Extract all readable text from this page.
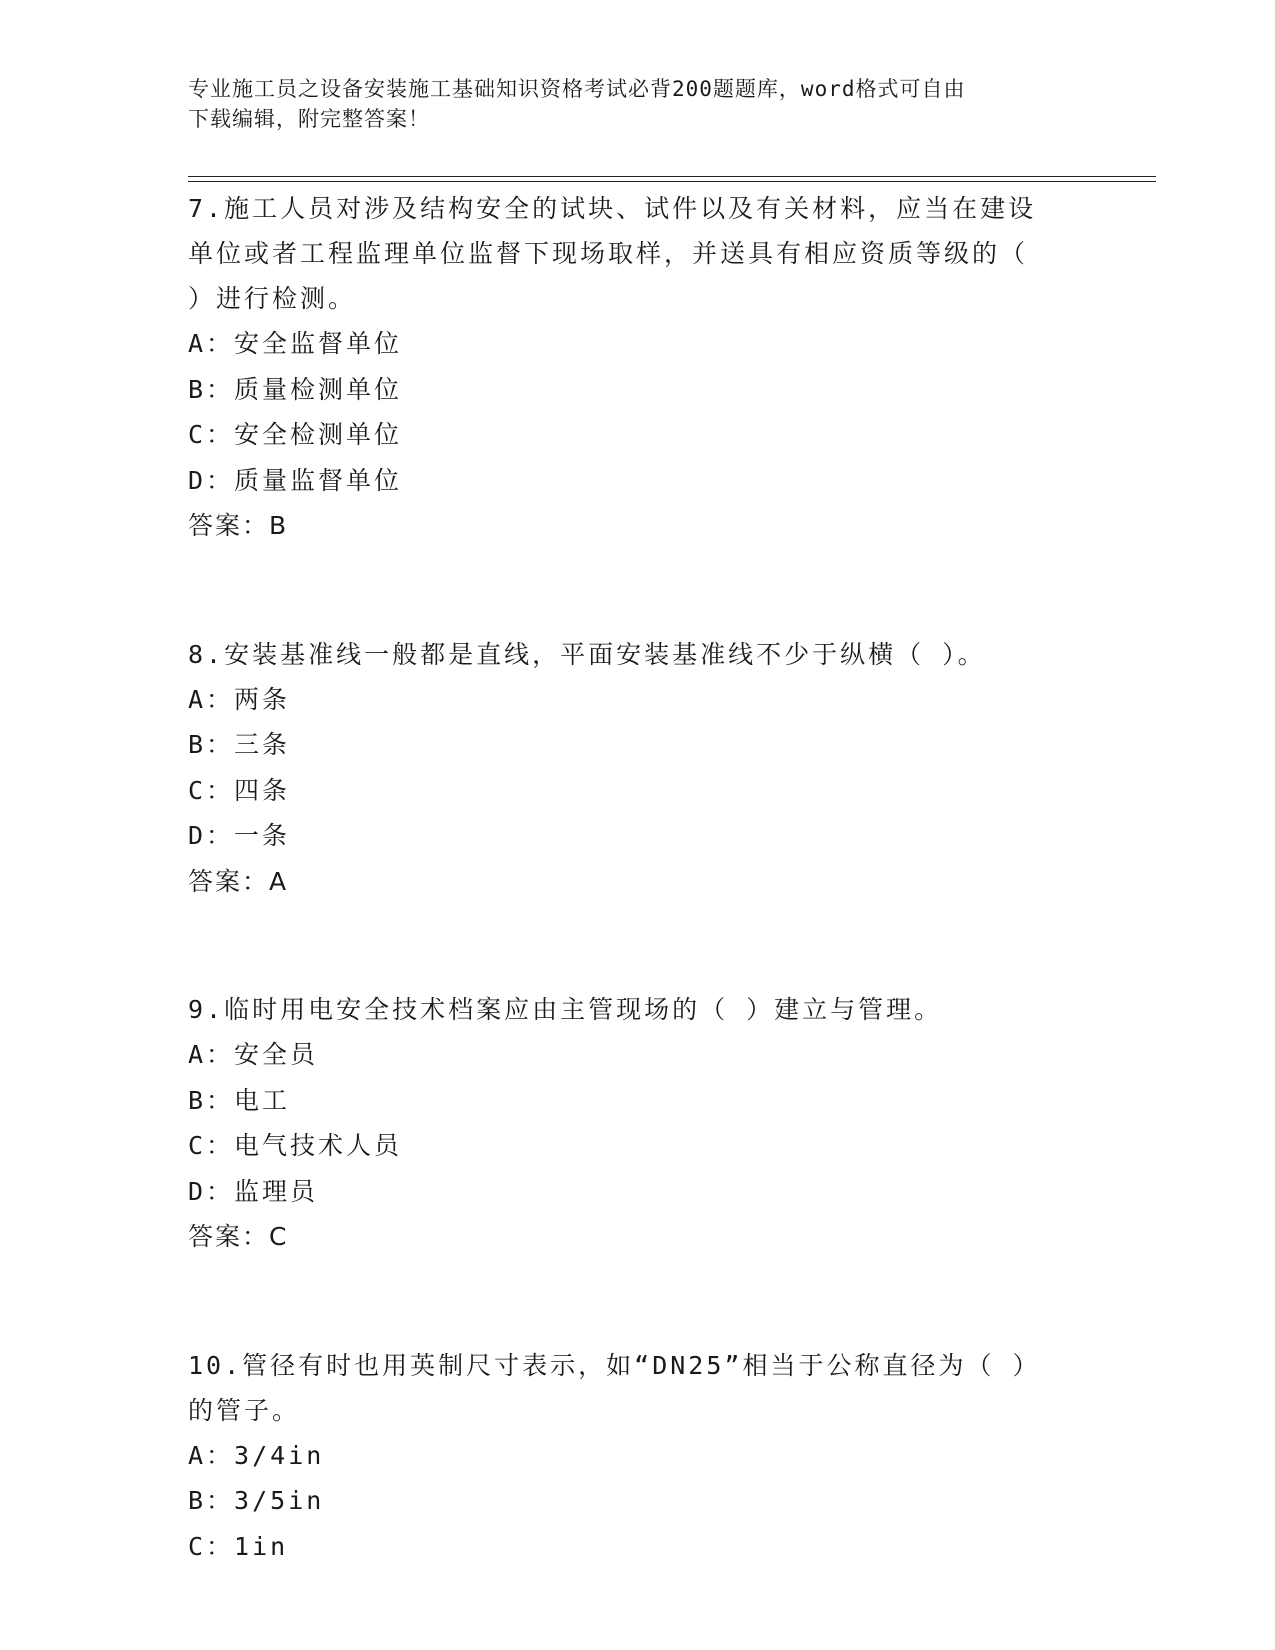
专业施工员之设备安装施工基础知识资格考试必背200题题库，word格式可自由
下载编辑，附完整答案！

7.施工人员对涉及结构安全的试块、试件以及有关材料，应当在建设

单位或者工程监理单位监督下现场取样，并送具有相应资质等级的（

）进行检测。

A：安全监督单位

B：质量检测单位

C：安全检测单位

D：质量监督单位

答案：B

8.安装基准线一般都是直线，平面安装基准线不少于纵横（ ）。

A：两条

B：三条

C：四条

D：一条

答案：A

9.临时用电安全技术档案应由主管现场的（ ）建立与管理。

A：安全员

B：电工

C：电气技术人员

D：监理员

答案：C

10.管径有时也用英制尺寸表示，如“DN25”相当于公称直径为（ ）

的管子。

A：3/4in

B：3/5in

C：1in
